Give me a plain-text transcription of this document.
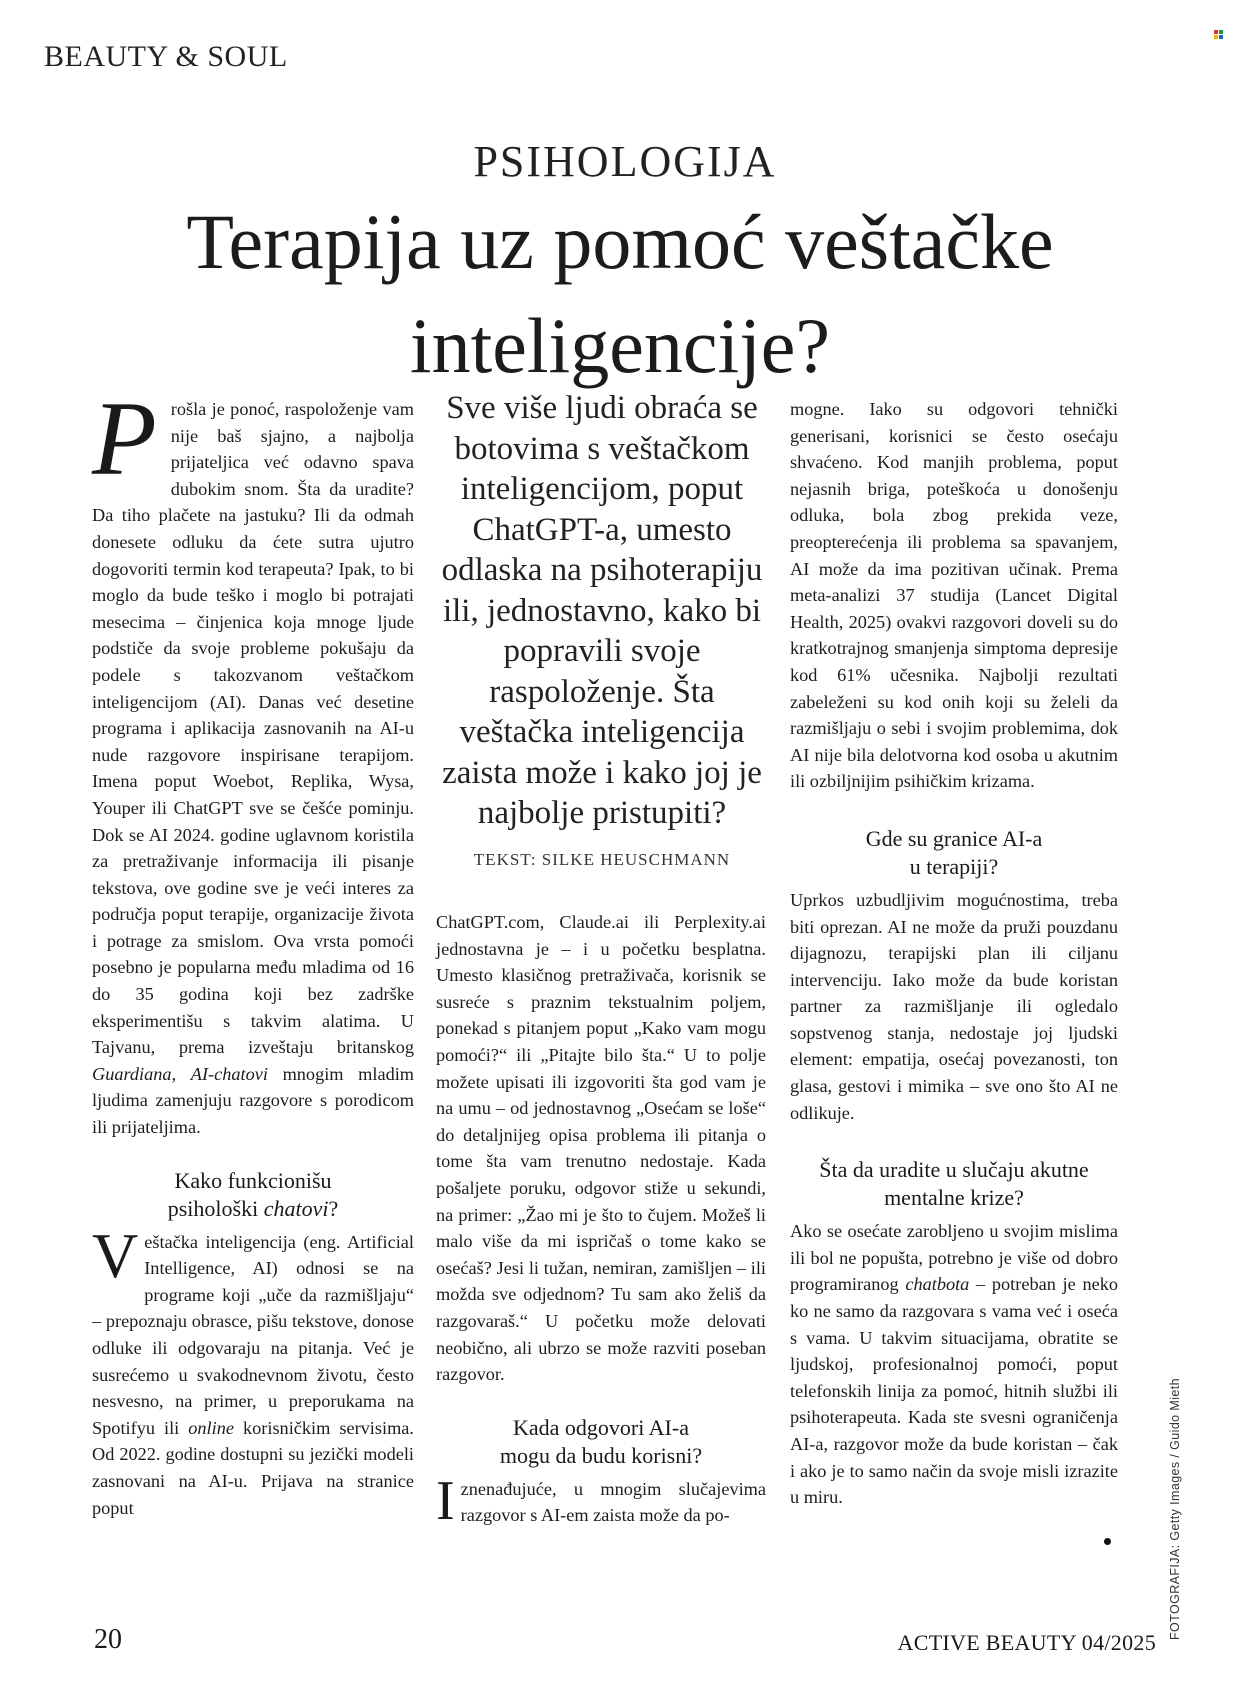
BEAUTY & SOUL
PSIHOLOGIJA
Terapija uz pomoć veštačke inteligencije?

Prošla je ponoć, raspoloženje vam nije baš sjajno, a najbolja prijateljica već odavno spava dubokim snom. Šta da uradite? Da tiho plačete na jastuku? Ili da odmah donesete odluku da ćete sutra ujutro dogovoriti termin kod terapeuta? Ipak, to bi moglo da bude teško i moglo bi potrajati mesecima – činjenica koja mnoge ljude podstiče da svoje probleme pokušaju da podele s takozvanom veštačkom inteligencijom (AI). Danas već desetine programa i aplikacija zasnovanih na AI-u nude razgovore inspirisane terapijom. Imena poput Woebot, Replika, Wysa, Youper ili ChatGPT sve se češće pominju. Dok se AI 2024. godine uglavnom koristila za pretraživanje informacija ili pisanje tekstova, ove godine sve je veći interes za područja poput terapije, organizacije života i potrage za smislom. Ova vrsta pomoći posebno je popularna među mladima od 16 do 35 godina koji bez zadrške eksperimentišu s takvim alatima. U Tajvanu, prema izveštaju britanskog Guardiana, AI-chatovi mnogim mladim ljudima zamenjuju razgovore s porodicom ili prijateljima.

Kako funkcionišu psihološki chatovi?

Veštačka inteligencija (eng. Artificial Intelligence, AI) odnosi se na programe koji „uče da razmišljaju“ – prepoznaju obrasce, pišu tekstove, donose odluke ili odgovaraju na pitanja. Već je susrećemo u svakodnevnom životu, često nesvesno, na primer, u preporukama na Spotifyu ili online korisničkim servisima. Od 2022. godine dostupni su jezički modeli zasnovani na AI-u. Prijava na stranice poput

Sve više ljudi obraća se botovima s veštačkom inteligencijom, poput ChatGPT-a, umesto odlaska na psihoterapiju ili, jednostavno, kako bi popravili svoje raspoloženje. Šta veštačka inteligencija zaista može i kako joj je najbolje pristupiti?
TEKST: SILKE HEUSCHMANN

ChatGPT.com, Claude.ai ili Perplexity.ai jednostavna je – i u početku besplatna. Umesto klasičnog pretraživača, korisnik se susreće s praznim tekstualnim poljem, ponekad s pitanjem poput „Kako vam mogu pomoći?“ ili „Pitajte bilo šta.“ U to polje možete upisati ili izgovoriti šta god vam je na umu – od jednostavnog „Osećam se loše“ do detaljnijeg opisa problema ili pitanja o tome šta vam trenutno nedostaje. Kada pošaljete poruku, odgovor stiže u sekundi, na primer: „Žao mi je što to čujem. Možeš li malo više da mi ispričaš o tome kako se osećaš? Jesi li tužan, nemiran, zamišljen – ili možda sve odjednom? Tu sam ako želiš da razgovaraš.“ U početku može delovati neobično, ali ubrzo se može razviti poseban razgovor.

Kada odgovori AI-a mogu da budu korisni?

Iznenađujuće, u mnogim slučajevima razgovor s AI-em zaista može da po-

mogne. Iako su odgovori tehnički generisani, korisnici se često osećaju shvaćeno. Kod manjih problema, poput nejasnih briga, poteškoća u donošenju odluka, bola zbog prekida veze, preopterećenja ili problema sa spavanjem, AI može da ima pozitivan učinak. Prema meta-analizi 37 studija (Lancet Digital Health, 2025) ovakvi razgovori doveli su do kratkotrajnog smanjenja simptoma depresije kod 61% učesnika. Najbolji rezultati zabeleženi su kod onih koji su želeli da razmišljaju o sebi i svojim problemima, dok AI nije bila delotvorna kod osoba u akutnim ili ozbiljnijim psihičkim krizama.

Gde su granice AI-a u terapiji?

Uprkos uzbudljivim mogućnostima, treba biti oprezan. AI ne može da pruži pouzdanu dijagnozu, terapijski plan ili ciljanu intervenciju. Iako može da bude koristan partner za razmišljanje ili ogledalo sopstvenog stanja, nedostaje joj ljudski element: empatija, osećaj povezanosti, ton glasa, gestovi i mimika – sve ono što AI ne odlikuje.

Šta da uradite u slučaju akutne mentalne krize?

Ako se osećate zarobljeno u svojim mislima ili bol ne popušta, potrebno je više od dobro programiranog chatbota – potreban je neko ko ne samo da razgovara s vama već i oseća s vama. U takvim situacijama, obratite se ljudskoj, profesionalnoj pomoći, poput telefonskih linija za pomoć, hitnih službi ili psihoterapeuta. Kada ste svesni ograničenja AI-a, razgovor može da bude koristan – čak i ako je to samo način da svoje misli izrazite u miru.	FOTOGRAFIJA: Getty Images / Guido Mieth
20	ACTIVE BEAUTY 04/2025
